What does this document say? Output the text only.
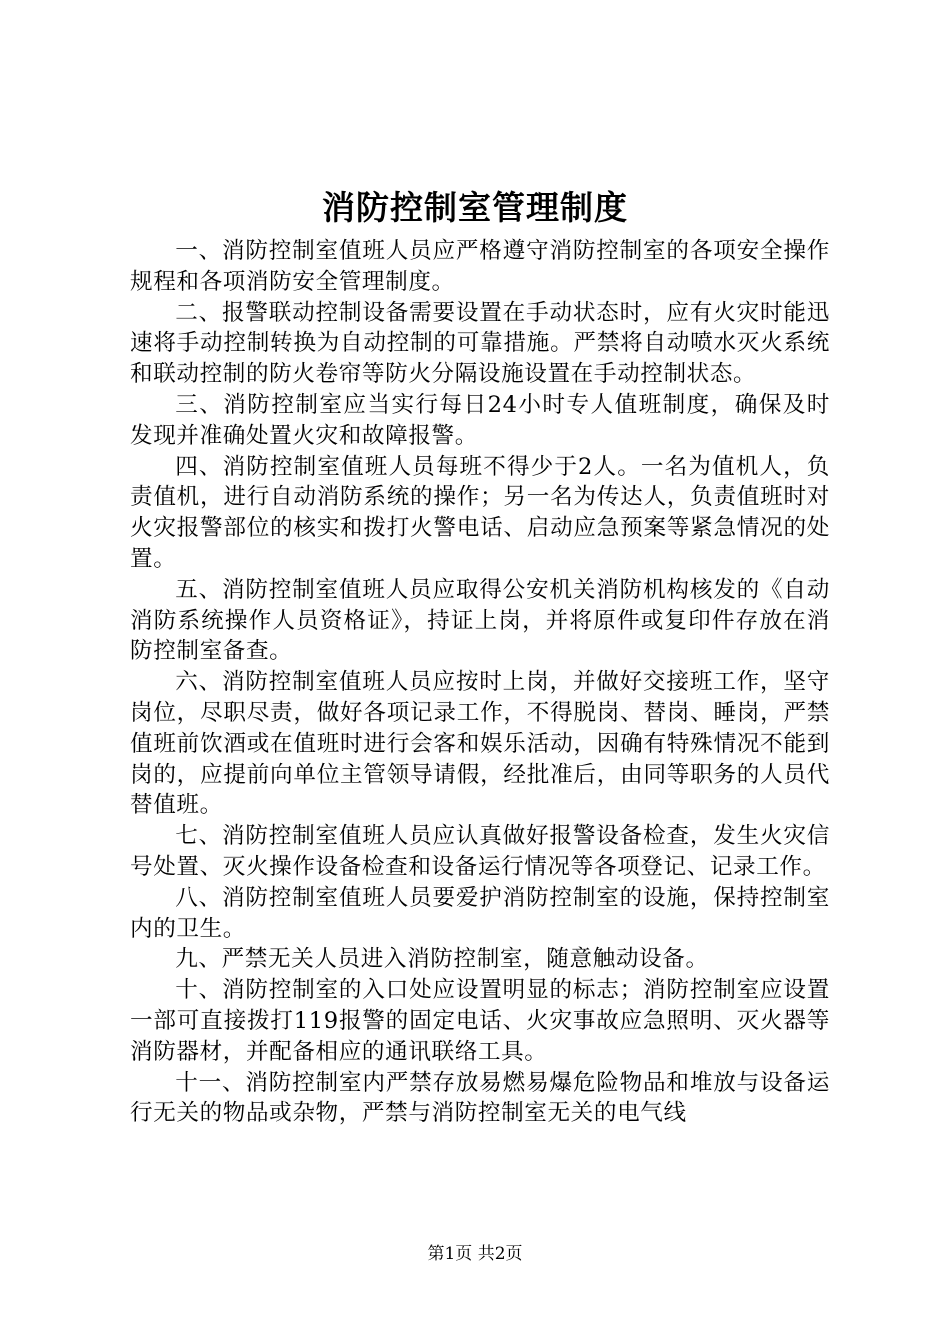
消防控制室管理制度

一、消防控制室值班人员应严格遵守消防控制室的各项安全操作规程和各项消防安全管理制度。

二、报警联动控制设备需要设置在手动状态时，应有火灾时能迅速将手动控制转换为自动控制的可靠措施。严禁将自动喷水灭火系统和联动控制的防火卷帘等防火分隔设施设置在手动控制状态。

三、消防控制室应当实行每日24小时专人值班制度，确保及时发现并准确处置火灾和故障报警。

四、消防控制室值班人员每班不得少于2人。一名为值机人，负责值机，进行自动消防系统的操作；另一名为传达人，负责值班时对火灾报警部位的核实和拨打火警电话、启动应急预案等紧急情况的处置。

五、消防控制室值班人员应取得公安机关消防机构核发的《自动消防系统操作人员资格证》，持证上岗，并将原件或复印件存放在消防控制室备查。

六、消防控制室值班人员应按时上岗，并做好交接班工作，坚守岗位，尽职尽责，做好各项记录工作，不得脱岗、替岗、睡岗，严禁值班前饮酒或在值班时进行会客和娱乐活动，因确有特殊情况不能到岗的，应提前向单位主管领导请假，经批准后，由同等职务的人员代替值班。

七、消防控制室值班人员应认真做好报警设备检查，发生火灾信号处置、灭火操作设备检查和设备运行情况等各项登记、记录工作。

八、消防控制室值班人员要爱护消防控制室的设施，保持控制室内的卫生。

九、严禁无关人员进入消防控制室，随意触动设备。

十、消防控制室的入口处应设置明显的标志；消防控制室应设置一部可直接拨打119报警的固定电话、火灾事故应急照明、灭火器等消防器材，并配备相应的通讯联络工具。

十一、消防控制室内严禁存放易燃易爆危险物品和堆放与设备运行无关的物品或杂物，严禁与消防控制室无关的电气线

第1页 共2页
